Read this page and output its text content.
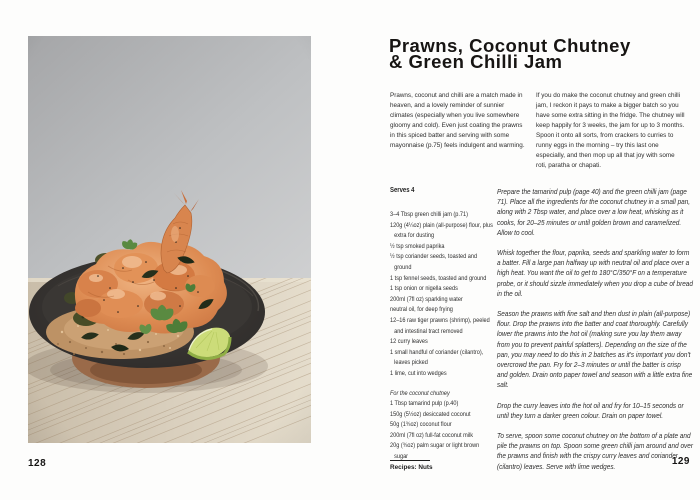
128
Prawns, Coconut Chutney
& Green Chilli Jam

Prawns, coconut and chilli are a match made in heaven, and a lovely reminder of sunnier climates (especially when you live somewhere gloomy and cold). Even just coating the prawns in this spiced batter and serving with some mayonnaise (p.75) feels indulgent and warming.

If you do make the coconut chutney and green chilli jam, I reckon it pays to make a bigger batch so you have some extra sitting in the fridge. The chutney will keep happily for 3 weeks, the jam for up to 3 months. Spoon it onto all sorts, from crackers to curries to runny eggs in the morning – try this last one especially, and then mop up all that joy with some roti, paratha or chapati.

Serves 4
3–4 Tbsp green chilli jam (p.71)
120g (4¼oz) plain (all-purpose) flour, plus extra for dusting
½ tsp smoked paprika
½ tsp coriander seeds, toasted and ground
1 tsp fennel seeds, toasted and ground
1 tsp onion or nigella seeds
200ml (7fl oz) sparkling water
neutral oil, for deep frying
12–16 raw tiger prawns (shrimp), peeled and intestinal tract removed
12 curry leaves
1 small handful of coriander (cilantro), leaves picked
1 lime, cut into wedges
For the coconut chutney
1 Tbsp tamarind pulp (p.40)
150g (5½oz) desiccated coconut
50g (1¾oz) coconut flour
200ml (7fl oz) full-fat coconut milk
20g (¾oz) palm sugar or light brown sugar

Prepare the tamarind pulp (page 40) and the green chilli jam (page 71). Place all the ingredients for the coconut chutney in a small pan, along with 2 Tbsp water, and place over a low heat, whisking as it cooks, for 20–25 minutes or until golden brown and caramelized. Allow to cool.

Whisk together the flour, paprika, seeds and sparkling water to form a batter. Fill a large pan halfway up with neutral oil and place over a high heat. You want the oil to get to 180°C/350°F on a temperature probe, or it should sizzle immediately when you drop a cube of bread in the oil.

Season the prawns with fine salt and then dust in plain (all-purpose) flour. Drop the prawns into the batter and coat thoroughly. Carefully lower the prawns into the hot oil (making sure you lay them away from you to prevent painful splatters). Depending on the size of the pan, you may need to do this in 2 batches as it's important you don't overcrowd the pan. Fry for 2–3 minutes or until the batter is crisp and golden. Drain onto paper towel and season with a little extra fine salt.

Drop the curry leaves into the hot oil and fry for 10–15 seconds or until they turn a darker green colour. Drain on paper towel.

To serve, spoon some coconut chutney on the bottom of a plate and pile the prawns on top. Spoon some green chilli jam around and over the prawns and finish with the crispy curry leaves and coriander (cilantro) leaves. Serve with lime wedges.

Recipes: Nuts
129
